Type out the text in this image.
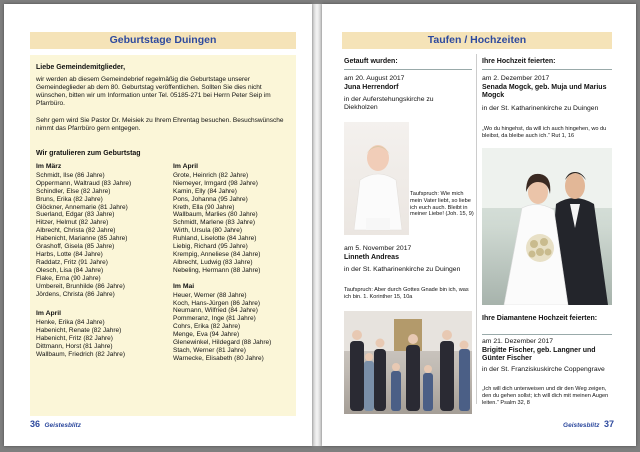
Geburtstage Duingen
Liebe Gemeindemitglieder,
wir werden ab diesem Gemeindebrief regelmäßig die Geburtstage unserer Gemeindeglieder ab dem 80. Geburtstag veröffentlichen. Sollten Sie dies nicht wünschen, bitten wir um Information unter Tel. 05185-271 bei Herrn Peter Seip im Pfarrbüro.
Sehr gern wird Sie Pastor Dr. Meisiek zu Ihrem Ehrentag besuchen. Besuchswünsche nimmt das Pfarrbüro gern entgegen.
Wir gratulieren zum Geburtstag
Im März
Schmidt, Ilse (86 Jahre)
Oppermann, Waltraud (83 Jahre)
Schindler, Else (82 Jahre)
Bruns, Erika (82 Jahre)
Glöckner, Annemarie (81 Jahre)
Suerland, Edgar (83 Jahre)
Hitzer, Helmut (82 Jahre)
Albrecht, Christa (82 Jahre)
Habenicht, Marianne (85 Jahre)
Grashoff, Gisela (85 Jahre)
Harbs, Lotte (84 Jahre)
Raddatz, Fritz (91 Jahre)
Olesch, Lisa (84 Jahre)
Flake, Erna (90 Jahre)
Umbereit, Brunhilde (86 Jahre)
Jördens, Christa (86 Jahre)
Im April
Henke, Erika (84 Jahre)
Habenicht, Renate (82 Jahre)
Habenicht, Fritz (82 Jahre)
Dittmann, Horst (81 Jahre)
Wallbaum, Friedrich (82 Jahre)
Im April
Grote, Heinrich (82 Jahre)
Niemeyer, Irmgard (98 Jahre)
Kamin, Elly (84 Jahre)
Pons, Johanna (95 Jahre)
Kreth, Ella (90 Jahre)
Wallbaum, Marlies (80 Jahre)
Schmidt, Marlene (83 Jahre)
Wirth, Ursula (80 Jahre)
Ruhland, Liselotte (84 Jahre)
Liebig, Richard (95 Jahre)
Krempig, Anneliese (84 Jahre)
Albrecht, Ludwig (83 Jahre)
Nebeling, Hermann (88 Jahre)
Im Mai
Heuer, Werner (88 Jahre)
Koch, Hans-Jürgen (86 Jahre)
Neumann, Wilfried (84 Jahre)
Pommeranz, Inge (81 Jahre)
Cohrs, Erika (82 Jahre)
Menge, Eva (94 Jahre)
Glenewinkel, Hildegard (88 Jahre)
Stach, Werner (81 Jahre)
Warnecke, Elisabeth (80 Jahre)
36 Geistesblitz
Taufen / Hochzeiten
Getauft wurden:
am 20. August 2017
Juna Herrendorf
in der Auferstehungskirche zu Diekholzen
Taufspruch: Wie mich mein Vater liebt, so liebe ich euch auch. Bleibt in meiner Liebe! (Joh. 15, 9)
am 5. November 2017
Linneth Andreas
in der St. Katharinenkirche zu Duingen
Taufspruch: Aber durch Gottes Gnade bin ich, was ich bin. 1. Korinther 15, 10a
Ihre Hochzeit feierten:
am 2. Dezember 2017
Senada Mogck, geb. Muja und Marius Mogck
in der St. Katharinenkirche zu Duingen
„Wo du hingehst, da will ich auch hingehen, wo du bleibst, da bleibe auch ich.“ Rut 1, 16
Ihre Diamantene Hochzeit feierten:
am 21. Dezember 2017
Brigitte Fischer, geb. Langner und Günter Fischer
in der St. Franziskuskirche Coppengrave
„Ich will dich unterweisen und dir den Weg zeigen, den du gehen sollst; ich will dich mit meinen Augen leiten.“ Psalm 32, 8
Geistesblitz 37
